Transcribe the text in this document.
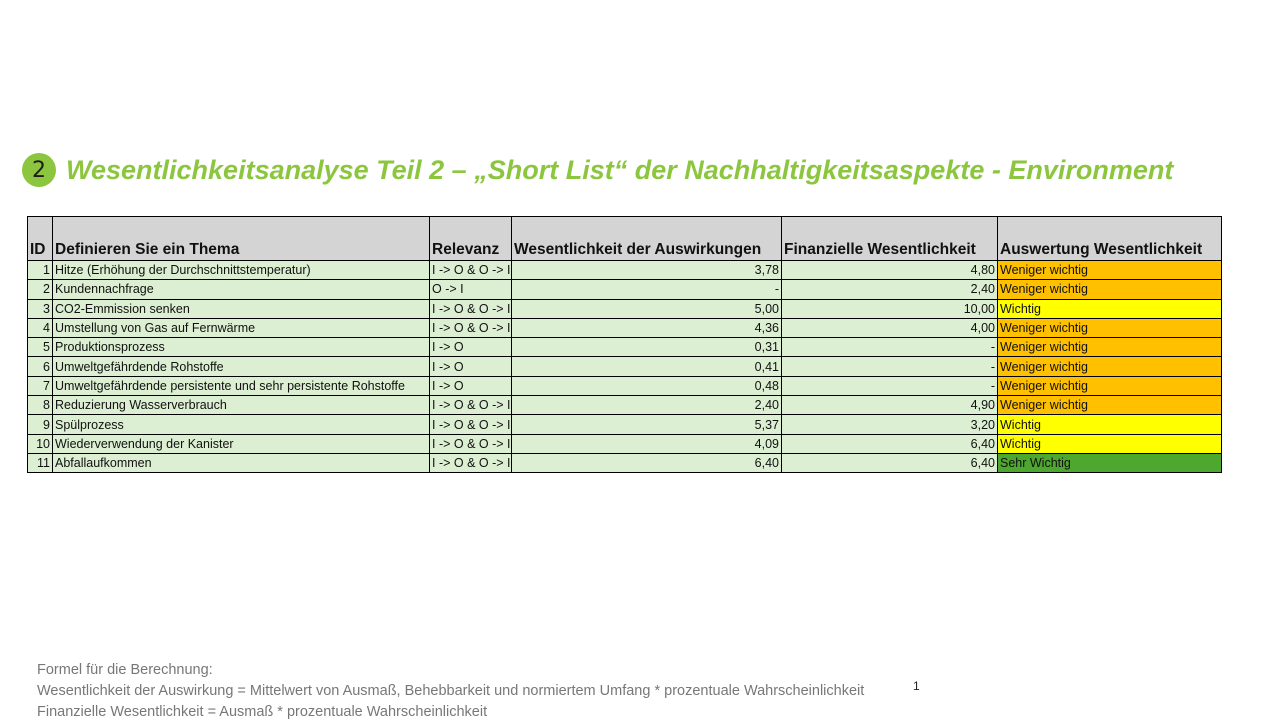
2 Wesentlichkeitsanalyse Teil 2 – „Short List“ der Nachhaltigkeitsaspekte - Environment
ID	Definieren Sie ein Thema	Relevanz	Wesentlichkeit der Auswirkungen	Finanzielle Wesentlichkeit	Auswertung Wesentlichkeit
1	Hitze (Erhöhung der Durchschnittstemperatur)	I -> O & O -> I	3,78	4,80	Weniger wichtig
2	Kundennachfrage	O -> I	-	2,40	Weniger wichtig
3	CO2-Emmission senken	I -> O & O -> I	5,00	10,00	Wichtig
4	Umstellung von Gas auf Fernwärme	I -> O & O -> I	4,36	4,00	Weniger wichtig
5	Produktionsprozess	I -> O	0,31	-	Weniger wichtig
6	Umweltgefährdende Rohstoffe	I -> O	0,41	-	Weniger wichtig
7	Umweltgefährdende persistente und sehr persistente Rohstoffe	I -> O	0,48	-	Weniger wichtig
8	Reduzierung Wasserverbrauch	I -> O & O -> I	2,40	4,90	Weniger wichtig
9	Spülprozess	I -> O & O -> I	5,37	3,20	Wichtig
10	Wiederverwendung der Kanister	I -> O & O -> I	4,09	6,40	Wichtig
11	Abfallaufkommen	I -> O & O -> I	6,40	6,40	Sehr Wichtig
Formel für die Berechnung:
Wesentlichkeit der Auswirkung = Mittelwert von Ausmaß, Behebbarkeit und normiertem Umfang * prozentuale Wahrscheinlichkeit
Finanzielle Wesentlichkeit = Ausmaß * prozentuale Wahrscheinlichkeit
1
